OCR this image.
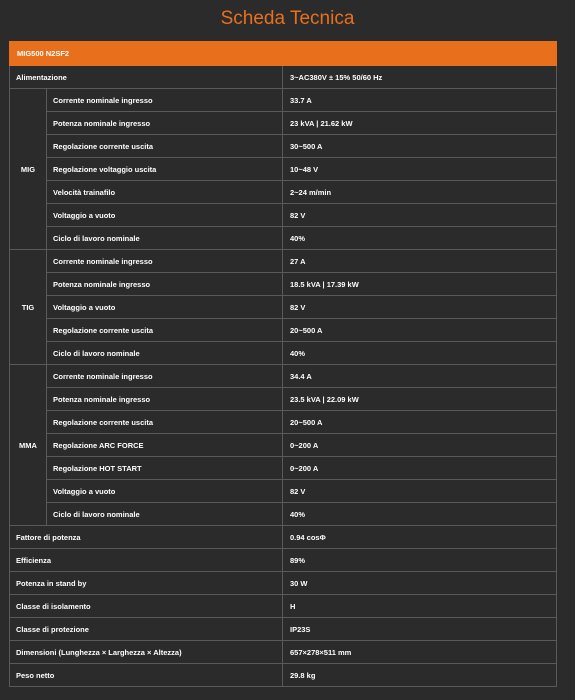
Scheda Tecnica
MIG500 N2SF2		
Alimentazione		3~AC380V ± 15% 50/60 Hz
MIG	Corrente nominale ingresso	33.7 A
	Potenza nominale ingresso	23 kVA | 21.62 kW
	Regolazione corrente uscita	30~500 A
	Regolazione voltaggio uscita	10~48 V
	Velocità trainafilo	2~24 m/min
	Voltaggio a vuoto	82 V
	Ciclo di lavoro nominale	40%
TIG	Corrente nominale ingresso	27 A
	Potenza nominale ingresso	18.5 kVA | 17.39 kW
	Voltaggio a vuoto	82 V
	Regolazione corrente uscita	20~500 A
	Ciclo di lavoro nominale	40%
MMA	Corrente nominale ingresso	34.4 A
	Potenza nominale ingresso	23.5 kVA | 22.09 kW
	Regolazione corrente uscita	20~500 A
	Regolazione ARC FORCE	0~200 A
	Regolazione HOT START	0~200 A
	Voltaggio a vuoto	82 V
	Ciclo di lavoro nominale	40%
Fattore di potenza		0.94 cosΦ
Efficienza		89%
Potenza in stand by		30 W
Classe di isolamento		H
Classe di protezione		IP23S
Dimensioni (Lunghezza × Larghezza × Altezza)		657×278×511 mm
Peso netto		29.8 kg
